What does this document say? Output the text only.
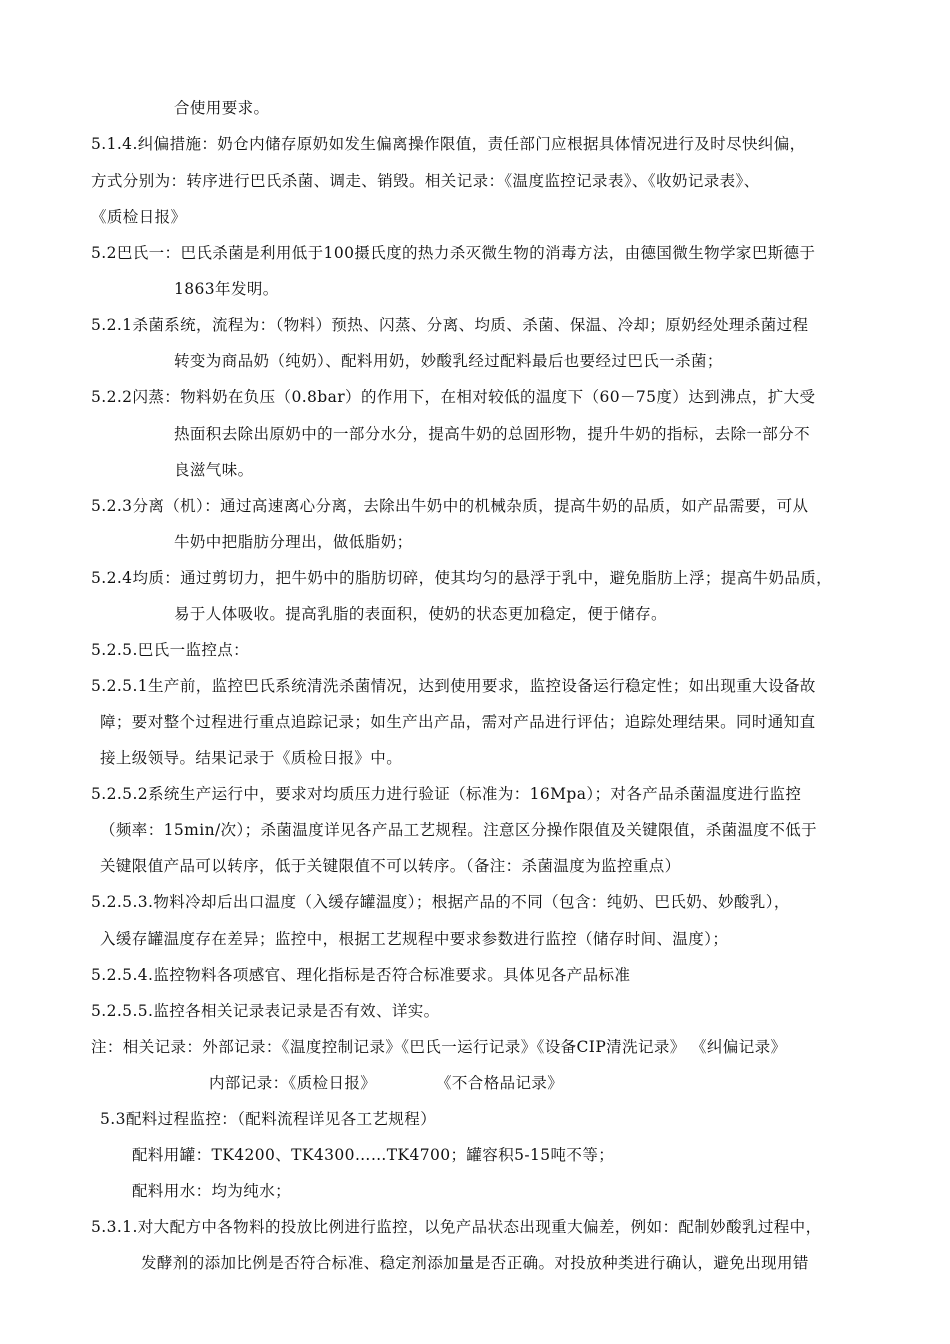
合使用要求。
5.1.4.纠偏措施：奶仓内储存原奶如发生偏离操作限值，责任部门应根据具体情况进行及时尽快纠偏，
方式分别为：转序进行巴氏杀菌、调走、销毁。相关记录：《温度监控记录表》、《收奶记录表》、
《质检日报》
5.2巴氏一：巴氏杀菌是利用低于100摄氏度的热力杀灭微生物的消毒方法，由德国微生物学家巴斯德于
1863年发明。
5.2.1杀菌系统，流程为：（物料）预热、闪蒸、分离、均质、杀菌、保温、冷却；原奶经处理杀菌过程
转变为商品奶（纯奶）、配料用奶，妙酸乳经过配料最后也要经过巴氏一杀菌；
5.2.2闪蒸：物料奶在负压（0.8bar）的作用下，在相对较低的温度下（60－75度）达到沸点，扩大受
热面积去除出原奶中的一部分水分，提高牛奶的总固形物，提升牛奶的指标，去除一部分不
良滋气味。
5.2.3分离（机）：通过高速离心分离，去除出牛奶中的机械杂质，提高牛奶的品质，如产品需要，可从
牛奶中把脂肪分理出，做低脂奶；
5.2.4均质：通过剪切力，把牛奶中的脂肪切碎，使其均匀的悬浮于乳中，避免脂肪上浮；提高牛奶品质，
易于人体吸收。提高乳脂的表面积，使奶的状态更加稳定，便于储存。
5.2.5.巴氏一监控点：
5.2.5.1生产前，监控巴氏系统清洗杀菌情况，达到使用要求，监控设备运行稳定性；如出现重大设备故
障；要对整个过程进行重点追踪记录；如生产出产品，需对产品进行评估；追踪处理结果。同时通知直
接上级领导。结果记录于《质检日报》中。
5.2.5.2系统生产运行中，要求对均质压力进行验证（标准为：16Mpa）；对各产品杀菌温度进行监控
（频率：15min/次）；杀菌温度详见各产品工艺规程。注意区分操作限值及关键限值，杀菌温度不低于
关键限值产品可以转序，低于关键限值不可以转序。（备注：杀菌温度为监控重点）
5.2.5.3.物料冷却后出口温度（入缓存罐温度）；根据产品的不同（包含：纯奶、巴氏奶、妙酸乳），
入缓存罐温度存在差异；监控中，根据工艺规程中要求参数进行监控（储存时间、温度）；
5.2.5.4.监控物料各项感官、理化指标是否符合标准要求。具体见各产品标准
5.2.5.5.监控各相关记录表记录是否有效、详实。
注：相关记录：外部记录：《温度控制记录》《巴氏一运行记录》《设备CIP清洗记录》 《纠偏记录》
内部记录：《质检日报》	《不合格品记录》
5.3配料过程监控：（配料流程详见各工艺规程）
配料用罐：TK4200、TK4300……TK4700；罐容积5-15吨不等；
配料用水：均为纯水；
5.3.1.对大配方中各物料的投放比例进行监控，以免产品状态出现重大偏差，例如：配制妙酸乳过程中，
发酵剂的添加比例是否符合标准、稳定剂添加量是否正确。对投放种类进行确认，避免出现用错
